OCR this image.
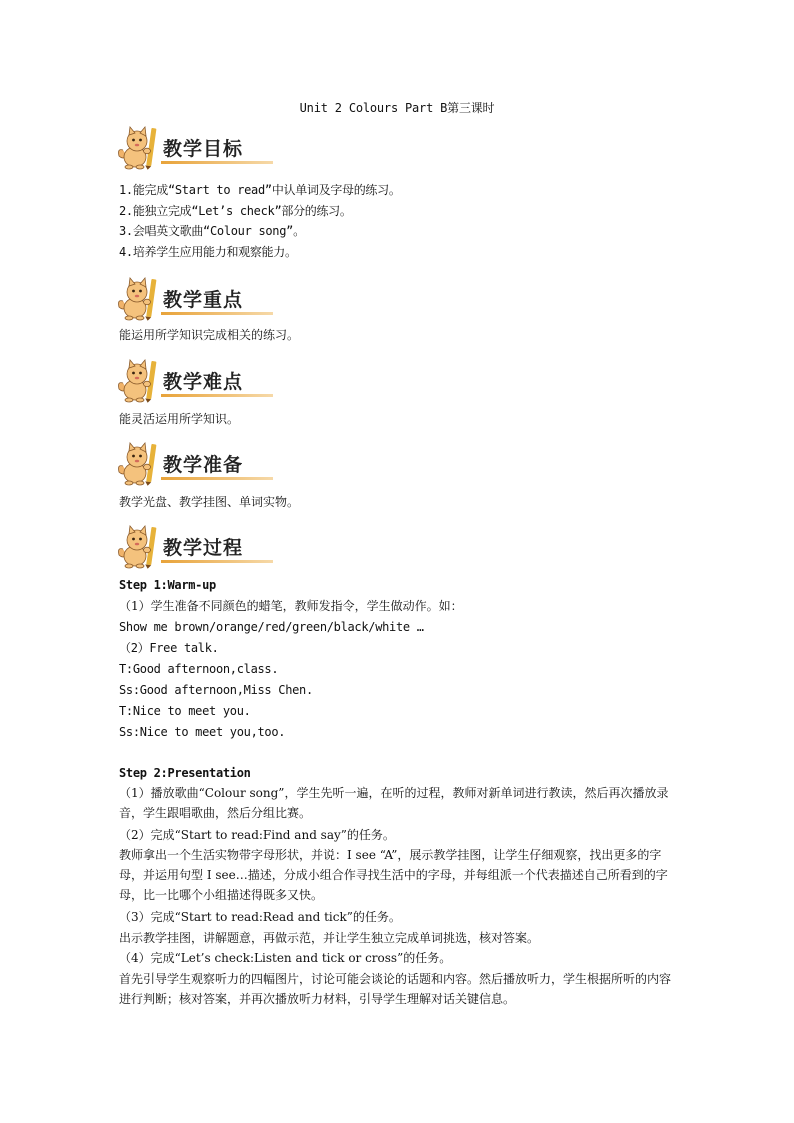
Unit 2 Colours Part B第三课时
教学目标
1.能完成“Start to read”中认单词及字母的练习。
2.能独立完成“Let’s check”部分的练习。
3.会唱英文歌曲“Colour song”。
4.培养学生应用能力和观察能力。
教学重点
能运用所学知识完成相关的练习。
教学难点
能灵活运用所学知识。
教学准备
教学光盘、教学挂图、单词实物。
教学过程
Step 1:Warm-up
（1）学生准备不同颜色的蜡笔，教师发指令，学生做动作。如：
Show me brown/orange/red/green/black/white …
（2）Free talk.
T:Good afternoon,class.
Ss:Good afternoon,Miss Chen.
T:Nice to meet you.
Ss:Nice to meet you,too.
Step 2:Presentation
（1）播放歌曲“Colour song”，学生先听一遍，在听的过程，教师对新单词进行教读，然后再次播放录音，学生跟唱歌曲，然后分组比赛。
（2）完成“Start to read:Find and say”的任务。
教师拿出一个生活实物带字母形状，并说：I see “A”，展示教学挂图，让学生仔细观察，找出更多的字母，并运用句型 I see…描述，分成小组合作寻找生活中的字母，并每组派一个代表描述自己所看到的字母，比一比哪个小组描述得既多又快。
（3）完成“Start to read:Read and tick”的任务。
出示教学挂图，讲解题意，再做示范，并让学生独立完成单词挑选，核对答案。
（4）完成“Let’s check:Listen and tick or cross”的任务。
首先引导学生观察听力的四幅图片，讨论可能会谈论的话题和内容。然后播放听力，学生根据所听的内容进行判断；核对答案，并再次播放听力材料，引导学生理解对话关键信息。
